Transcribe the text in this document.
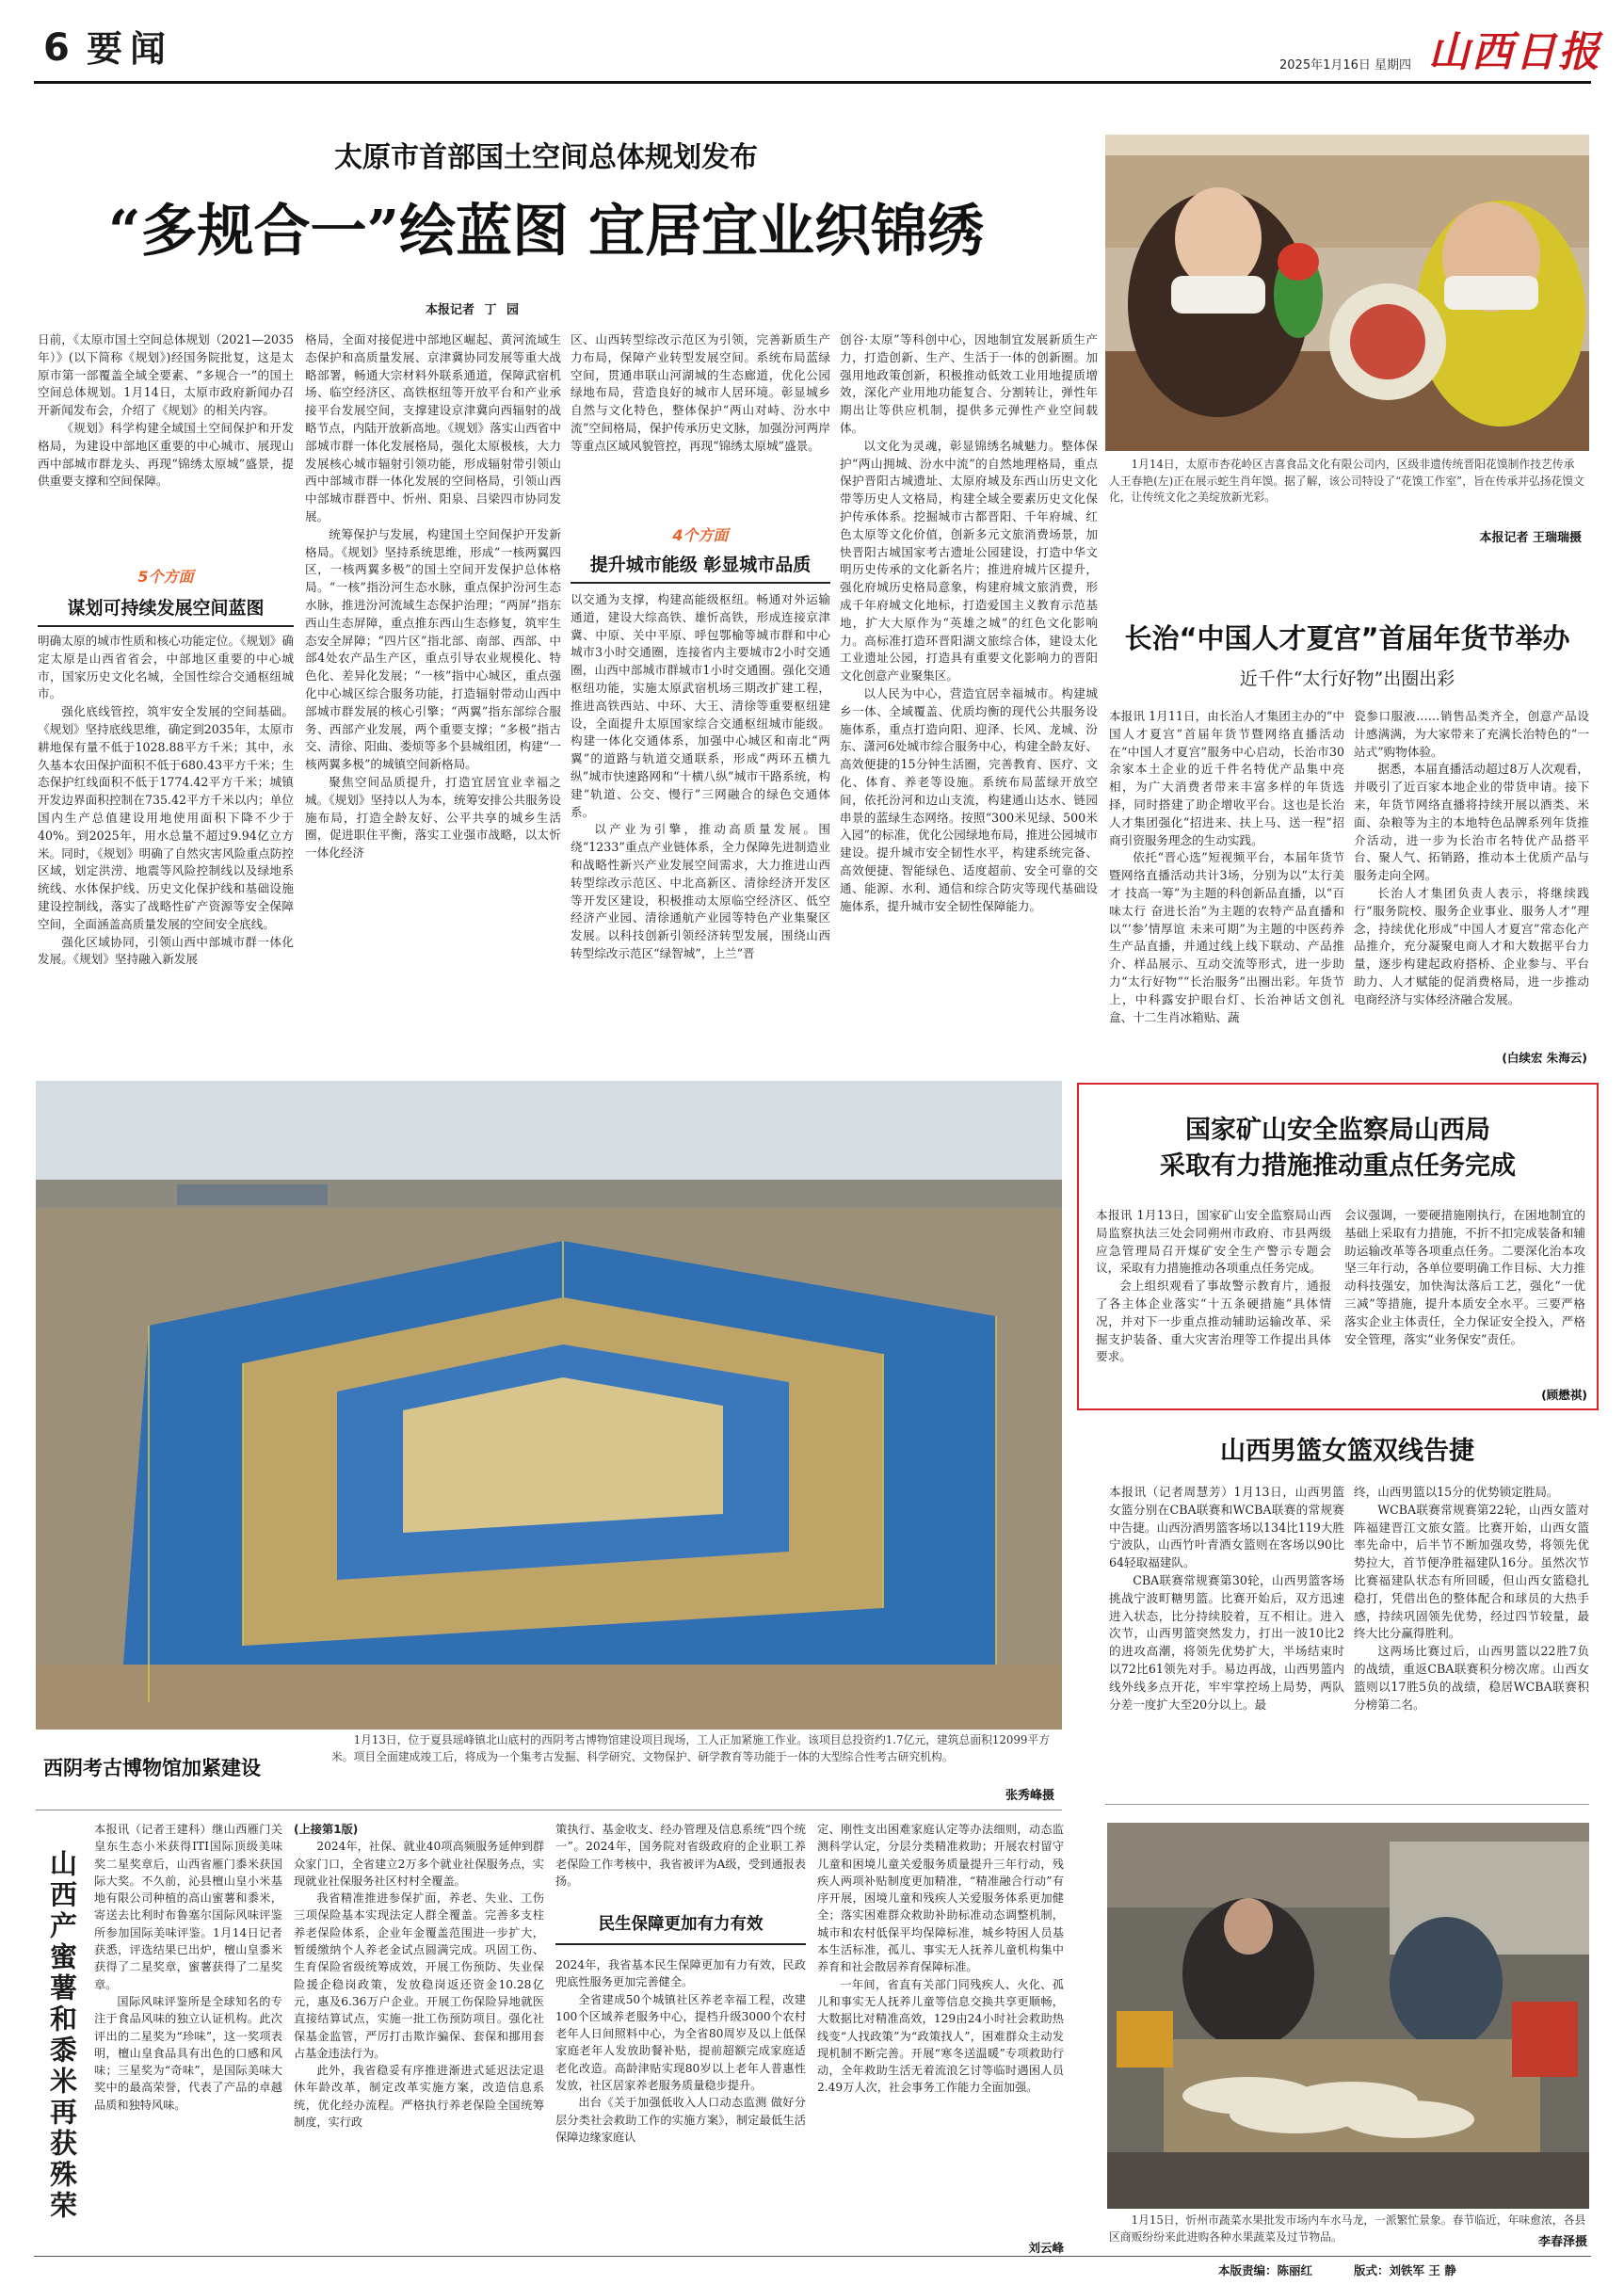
6 要闻	2025年1月16日 星期四 山西日报
太原市首部国土空间总体规划发布
“多规合一”绘蓝图 宜居宜业织锦绣
本报记者 丁 园

日前，《太原市国土空间总体规划（2021—2035年）》(以下简称《规划》)经国务院批复，这是太原市第一部覆盖全域全要素、“多规合一”的国土空间总体规划。1月14日，太原市政府新闻办召开新闻发布会，介绍了《规划》的相关内容。

《规划》科学构建全域国土空间保护和开发格局，为建设中部地区重要的中心城市、展现山西中部城市群龙头、再现“锦绣太原城”盛景，提供重要支撑和空间保障。

5个方面
谋划可持续发展空间蓝图

明确太原的城市性质和核心功能定位。《规划》确定太原是山西省省会，中部地区重要的中心城市，国家历史文化名城，全国性综合交通枢纽城市。

强化底线管控，筑牢安全发展的空间基础。《规划》坚持底线思维，确定到2035年，太原市耕地保有量不低于1028.88平方千米；其中，永久基本农田保护面积不低于680.43平方千米；生态保护红线面积不低于1774.42平方千米；城镇开发边界面积控制在735.42平方千米以内；单位国内生产总值建设用地使用面积下降不少于40%。到2025年，用水总量不超过9.94亿立方米。同时，《规划》明确了自然灾害风险重点防控区域，划定洪涝、地震等风险控制线以及绿地系统线、水体保护线、历史文化保护线和基础设施建设控制线，落实了战略性矿产资源等安全保障空间，全面涵盖高质量发展的空间安全底线。

强化区域协同，引领山西中部城市群一体化发展。《规划》坚持融入新发展

格局，全面对接促进中部地区崛起、黄河流域生态保护和高质量发展、京津冀协同发展等重大战略部署，畅通大宗材料外联系通道，保障武宿机场、临空经济区、高铁枢纽等开放平台和产业承接平台发展空间，支撑建设京津冀向西辐射的战略节点，内陆开放新高地。《规划》落实山西省中部城市群一体化发展格局，强化太原极核，大力发展核心城市辐射引领功能，形成辐射带引领山西中部城市群一体化发展的空间格局，引领山西中部城市群晋中、忻州、阳泉、吕梁四市协同发展。

统筹保护与发展，构建国土空间保护开发新格局。《规划》坚持系统思维，形成“一核两翼四区，一核两翼多极”的国土空间开发保护总体格局。“一核”指汾河生态水脉，重点保护汾河生态水脉，推进汾河流域生态保护治理；“两屏”指东西山生态屏障，重点推东西山生态修复，筑牢生态安全屏障；“四片区”指北部、南部、西部、中部4处农产品生产区，重点引导农业规模化、特色化、差异化发展；“一核”指中心城区，重点强化中心城区综合服务功能，打造辐射带动山西中部城市群发展的核心引擎；“两翼”指东部综合服务、西部产业发展，两个重要支撑；“多极”指古交、清徐、阳曲、娄烦等多个县城组团，构建“一核两翼多极”的城镇空间新格局。

聚焦空间品质提升，打造宜居宜业幸福之城。《规划》坚持以人为本，统筹安排公共服务设施布局，打造全龄友好、公平共享的城乡生活圈，促进职住平衡，落实工业强市战略，以太忻一体化经济

区、山西转型综改示范区为引领，完善新质生产力布局，保障产业转型发展空间。系统布局蓝绿空间，贯通串联山河湖城的生态廊道，优化公园绿地布局，营造良好的城市人居环境。彰显城乡自然与文化特色，整体保护“两山对峙、汾水中流”空间格局，保护传承历史文脉，加强汾河两岸等重点区域风貌管控，再现“锦绣太原城”盛景。

4个方面
提升城市能级 彰显城市品质

以交通为支撑，构建高能级枢纽。畅通对外运输通道，建设大综高铁、雄忻高铁，形成连接京津冀、中原、关中平原、呼包鄂榆等城市群和中心城市3小时交通圈，连接省内主要城市2小时交通圈，山西中部城市群城市1小时交通圈。强化交通枢纽功能，实施太原武宿机场三期改扩建工程，推进高铁西站、中环、大王、清徐等重要枢纽建设，全面提升太原国家综合交通枢纽城市能级。构建一体化交通体系，加强中心城区和南北“两翼”的道路与轨道交通联系，形成“两环五横九纵”城市快速路网和“十横八纵”城市干路系统，构建“轨道、公交、慢行”三网融合的绿色交通体系。

以产业为引擎，推动高质量发展。围绕“1233”重点产业链体系，全力保障先进制造业和战略性新兴产业发展空间需求，大力推进山西转型综改示范区、中北高新区、清徐经济开发区等开发区建设，积极推动太原临空经济区、低空经济产业园、清徐通航产业园等特色产业集聚区发展。以科技创新引领经济转型发展，围绕山西转型综改示范区“绿智城”，上兰“晋

创谷·太原”等科创中心，因地制宜发展新质生产力，打造创新、生产、生活于一体的创新圈。加强用地政策创新，积极推动低效工业用地提质增效，深化产业用地功能复合、分割转让，弹性年期出让等供应机制，提供多元弹性产业空间载体。

以文化为灵魂，彰显锦绣名城魅力。整体保护“两山拥城、汾水中流”的自然地理格局，重点保护晋阳古城遗址、太原府城及东西山历史文化带等历史人文格局，构建全域全要素历史文化保护传承体系。挖掘城市古都晋阳、千年府城、红色太原等文化价值，创新多元文旅消费场景，加快晋阳古城国家考古遗址公园建设，打造中华文明历史传承的文化新名片；推进府城片区提升，强化府城历史格局意象，构建府城文旅消费，形成千年府城文化地标，打造爱国主义教育示范基地，扩大大原作为“英雄之城”的红色文化影响力。高标准打造环晋阳湖文旅综合体，建设太化工业遗址公园，打造具有重要文化影响力的晋阳文化创意产业聚集区。

以人民为中心，营造宜居幸福城市。构建城乡一体、全域覆盖、优质均衡的现代公共服务设施体系，重点打造向阳、迎泽、长风、龙城、汾东、潇河6处城市综合服务中心，构建全龄友好、高效便捷的15分钟生活圈，完善教育、医疗、文化、体育、养老等设施。系统布局蓝绿开放空间，依托汾河和边山支流，构建通山达水、链园串景的蓝绿生态网络。按照“300米见绿、500米入园”的标准，优化公园绿地布局，推进公园城市建设。提升城市安全韧性水平，构建系统完备、高效便捷、智能绿色、适度超前、安全可靠的交通、能源、水利、通信和综合防灾等现代基础设施体系，提升城市安全韧性保障能力。

1月14日，太原市杏花岭区吉喜食品文化有限公司内，区级非遗传统晋阳花馍制作技艺传承人王春艳(左)正在展示蛇生肖年馍。据了解，该公司特设了“花馍工作室”，旨在传承并弘扬花馍文化，让传统文化之美绽放新光彩。
本报记者 王瑞瑞摄
长治“中国人才夏宫”首届年货节举办
近千件“太行好物”出圈出彩

本报讯 1月11日，由长治人才集团主办的“中国人才夏宫”首届年货节暨网络直播活动在“中国人才夏宫”服务中心启动，长治市30余家本土企业的近千件名特优产品集中亮相，为广大消费者带来丰富多样的年货选择，同时搭建了助企增收平台。这也是长治人才集团强化“招进来、扶上马、送一程”招商引资服务理念的生动实践。

依托“晋心选”短视频平台，本届年货节暨网络直播活动共计3场，分别为以“太行美才 技高一筹”为主题的科创新品直播，以“百味太行 奋进长治”为主题的农特产品直播和以“‘参’情厚谊 未来可期”为主题的中医药养生产品直播，并通过线上线下联动、产品推介、样品展示、互动交流等形式，进一步助力“太行好物”“长治服务”出圈出彩。年货节上，中科露安护眼台灯、长治神话文创礼盒、十二生肖冰箱贴、蔬

瓷参口服液……销售品类齐全，创意产品设计感满满，为大家带来了充满长治特色的“一站式”购物体验。

据悉，本届直播活动超过8万人次观看，并吸引了近百家本地企业的带货申请。接下来，年货节网络直播将持续开展以酒类、米面、杂粮等为主的本地特色品牌系列年货推介活动，进一步为长治市名特优产品搭平台、聚人气、拓销路，推动本土优质产品与服务走向全网。

长治人才集团负责人表示，将继续践行“服务院校、服务企业事业、服务人才”理念，持续优化形成“中国人才夏宫”常态化产品推介，充分凝聚电商人才和大数据平台力量，逐步构建起政府搭桥、企业参与、平台助力、人才赋能的促消费格局，进一步推动电商经济与实体经济融合发展。

(白续宏 朱海云)
国家矿山安全监察局山西局
采取有力措施推动重点任务完成

本报讯 1月13日，国家矿山安全监察局山西局监察执法三处会同朔州市政府、市县两级应急管理局召开煤矿安全生产警示专题会议，采取有力措施推动各项重点任务完成。

会上组织观看了事故警示教育片，通报了各主体企业落实“十五条硬措施”具体情况，并对下一步重点推动辅助运输改革、采掘支护装备、重大灾害治理等工作提出具体要求。

会议强调，一要硬措施刚执行，在困地制宜的基础上采取有力措施，不折不扣完成装备和辅助运输改革等各项重点任务。二要深化治本攻坚三年行动，各单位要明确工作目标、大力推动科技强安，加快淘汰落后工艺，强化“一优三减”等措施，提升本质安全水平。三要严格落实企业主体责任，全力保证安全投入，严格安全管理，落实“业务保安”责任。

(顾懋祺)
山西男篮女篮双线告捷

本报讯（记者周慧芳）1月13日，山西男篮女篮分别在CBA联赛和WCBA联赛的常规赛中告捷。山西汾酒男篮客场以134比119大胜宁波队，山西竹叶青酒女篮则在客场以90比64轻取福建队。

CBA联赛常规赛第30轮，山西男篮客场挑战宁波町糖男篮。比赛开始后，双方迅速进入状态，比分持续胶着，互不相让。进入次节，山西男篮突然发力，打出一波10比2的进攻高潮，将领先优势扩大，半场结束时以72比61领先对手。易边再战，山西男篮内线外线多点开花，牢牢掌控场上局势，两队分差一度扩大至20分以上。最

终，山西男篮以15分的优势锁定胜局。

WCBA联赛常规赛第22轮，山西女篮对阵福建晋江文旅女篮。比赛开始，山西女篮率先命中，后半节不断加强攻势，将领先优势拉大，首节便净胜福建队16分。虽然次节比赛福建队状态有所回暖，但山西女篮稳扎稳打，凭借出色的整体配合和球员的大热手感，持续巩固领先优势，经过四节较量，最终大比分赢得胜利。

这两场比赛过后，山西男篮以22胜7负的战绩，重返CBA联赛积分榜次席。山西女篮则以17胜5负的战绩，稳居WCBA联赛积分榜第二名。

西阴考古博物馆加紧建设
1月13日，位于夏县瑶峰镇北山底村的西阴考古博物馆建设项目现场，工人正加紧施工作业。该项目总投资约1.7亿元，建筑总面积12099平方米。项目全面建成竣工后，将成为一个集考古发掘、科学研究、文物保护、研学教育等功能于一体的大型综合性考古研究机构。
张秀峰摄
山西产蜜薯和黍米再获殊荣

本报讯（记者王建科）继山西雁门关皇东生态小米获得ITI国际顶级美味奖二星奖章后，山西省雁门黍米获国际大奖。不久前，沁县檀山皇小米基地有限公司种植的高山蜜薯和黍米，寄送去比利时布鲁塞尔国际风味评鉴所参加国际美味评鉴。1月14日记者获悉，评选结果已出炉，檀山皇黍米获得了二星奖章，蜜薯获得了二星奖章。

国际风味评鉴所是全球知名的专注于食品风味的独立认证机构。此次评出的二星奖为“珍味”，这一奖项表明，檀山皇食品具有出色的口感和风味；三星奖为“奇味”，是国际美味大奖中的最高荣誉，代表了产品的卓越品质和独特风味。

(上接第1版)

2024年，社保、就业40项高频服务延伸到群众家门口，全省建立2万多个就业社保服务点，实现就业社保服务社区村村全覆盖。

我省精准推进参保扩面，养老、失业、工伤三项保险基本实现法定人群全覆盖。完善多支柱养老保险体系，企业年金覆盖范围进一步扩大，暂缓缴纳个人养老金试点圆满完成。巩固工伤、生育保险省级统筹成效，开展工伤预防、失业保险援企稳岗政策，发放稳岗返还资金10.28亿元，惠及6.36万户企业。开展工伤保险异地就医直接结算试点，实施一批工伤预防项目。强化社保基金监管，严厉打击欺诈骗保、套保和挪用套占基金违法行为。

此外，我省稳妥有序推进渐进式延迟法定退休年龄改革，制定改革实施方案，改造信息系统，优化经办流程。严格执行养老保险全国统筹制度，实行政

策执行、基金收支、经办管理及信息系统“四个统一”。2024年，国务院对省级政府的企业职工养老保险工作考核中，我省被评为A级，受到通报表扬。

民生保障更加有力有效

2024年，我省基本民生保障更加有力有效，民政兜底性服务更加完善健全。

全省建成50个城镇社区养老幸福工程，改建100个区域养老服务中心，提档升级3000个农村老年人日间照料中心，为全省80周岁及以上低保家庭老年人发放助餐补贴，提前超额完成家庭适老化改造。高龄津贴实现80岁以上老年人普惠性发放，社区居家养老服务质量稳步提升。

出台《关于加强低收入人口动态监测 做好分层分类社会救助工作的实施方案》，制定最低生活保障边缘家庭认

定、刚性支出困难家庭认定等办法细则，动态监测科学认定，分层分类精准救助；开展农村留守儿童和困境儿童关爱服务质量提升三年行动，残疾人两项补贴制度更加精准，“精准融合行动”有序开展，困境儿童和残疾人关爱服务体系更加健全；落实困难群众救助补助标准动态调整机制，城市和农村低保平均保障标准，城乡特困人员基本生活标准，孤儿、事实无人抚养儿童机构集中养育和社会散居养育保障标准。

一年间，省直有关部门同残疾人、火化、孤儿和事实无人抚养儿童等信息交换共享更顺畅，大数据比对精准高效，129由24小时社会救助热线变“人找政策”为“政策找人”，困难群众主动发现机制不断完善。开展“寒冬送温暖”专项救助行动，全年救助生活无着流浪乞讨等临时遇困人员2.49万人次，社会事务工作能力全面加强。

刘云峰
1月15日，忻州市蔬菜水果批发市场内车水马龙，一派繁忙景象。春节临近，年味愈浓，各县区商贩纷纷来此进购各种水果蔬菜及过节物品。	李春泽摄
本版责编：陈丽红	版式：刘铁军 王 静
